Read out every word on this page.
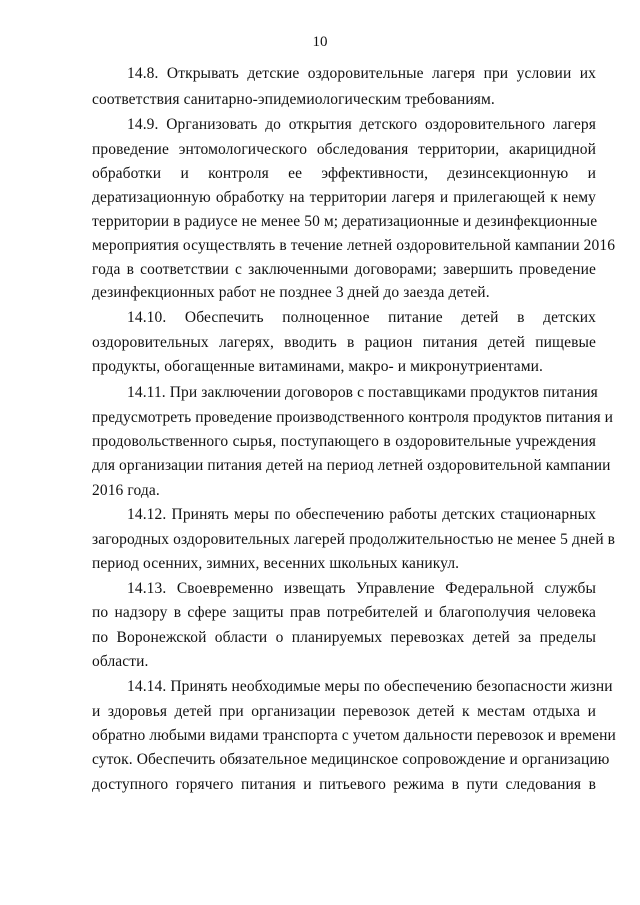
10
14.8. Открывать детские оздоровительные лагеря при условии их
соответствия санитарно-эпидемиологическим требованиям.
14.9. Организовать до открытия детского оздоровительного лагеря
проведение энтомологического обследования территории, акарицидной
обработки и контроля ее эффективности, дезинсекционную и
дератизационную обработку на территории лагеря и прилегающей к нему
территории в радиусе не менее 50 м; дератизационные и дезинфекционные
мероприятия осуществлять в течение летней оздоровительной кампании 2016
года в соответствии с заключенными договорами; завершить проведение
дезинфекционных работ не позднее 3 дней до заезда детей.
14.10. Обеспечить полноценное питание детей в детских
оздоровительных лагерях, вводить в рацион питания детей пищевые
продукты, обогащенные витаминами, макро- и микронутриентами.
14.11. При заключении договоров с поставщиками продуктов питания
предусмотреть проведение производственного контроля продуктов питания и
продовольственного сырья, поступающего в оздоровительные учреждения
для организации питания детей на период летней оздоровительной кампании
2016 года.
14.12. Принять меры по обеспечению работы детских стационарных
загородных оздоровительных лагерей продолжительностью не менее 5 дней в
период осенних, зимних, весенних школьных каникул.
14.13. Своевременно извещать Управление Федеральной службы
по надзору в сфере защиты прав потребителей и благополучия человека
по Воронежской области о планируемых перевозках детей за пределы
области.
14.14. Принять необходимые меры по обеспечению безопасности жизни
и здоровья детей при организации перевозок детей к местам отдыха и
обратно любыми видами транспорта с учетом дальности перевозок и времени
суток. Обеспечить обязательное медицинское сопровождение и организацию
доступного горячего питания и питьевого режима в пути следования в
